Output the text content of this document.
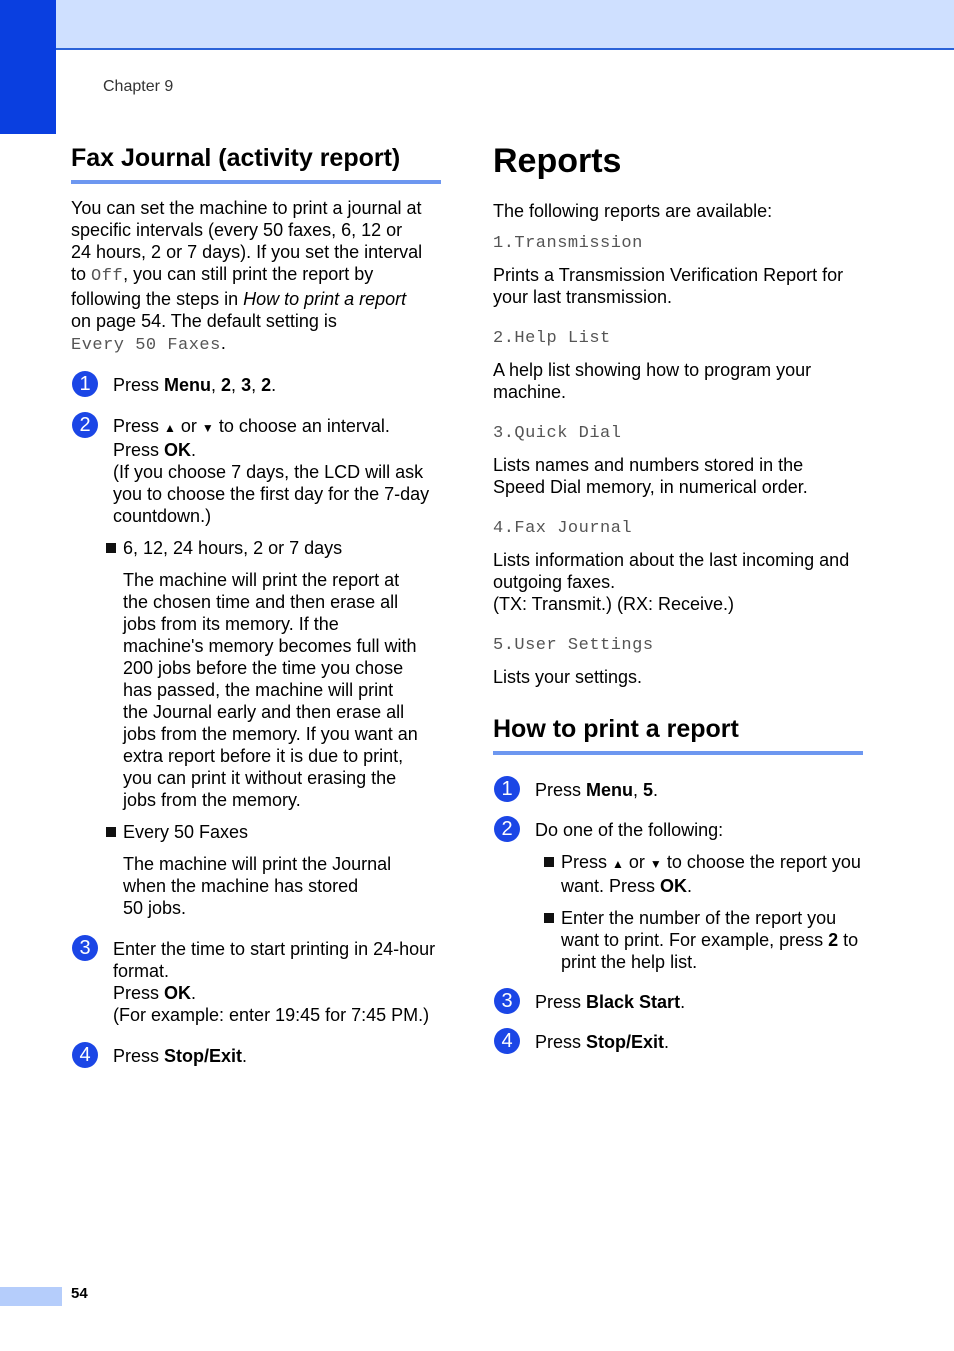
Chapter 9
Fax Journal (activity report)
You can set the machine to print a journal at
specific intervals (every 50 faxes, 6, 12 or
24 hours, 2 or 7 days). If you set the interval
to Off, you can still print the report by
following the steps in How to print a report
on page 54. The default setting is
Every 50 Faxes.
1	Press Menu, 2, 3, 2.

2	Press ▲ or ▼ to choose an interval.

Press OK.

(If you choose 7 days, the LCD will ask

you to choose the first day for the 7-day

countdown.)

6, 12, 24 hours, 2 or 7 days

The machine will print the report at

the chosen time and then erase all

jobs from its memory. If the

machine's memory becomes full with

200 jobs before the time you chose

has passed, the machine will print

the Journal early and then erase all

jobs from the memory. If you want an

extra report before it is due to print,

you can print it without erasing the

jobs from the memory.

Every 50 Faxes

The machine will print the Journal

when the machine has stored

50 jobs.

3	Enter the time to start printing in 24-hour

format.

Press OK.

(For example: enter 19:45 for 7:45 PM.)

4	Press Stop/Exit.

Reports

The following reports are available:

1.Transmission

Prints a Transmission Verification Report for

your last transmission.

2.Help List

A help list showing how to program your

machine.

3.Quick Dial

Lists names and numbers stored in the

Speed Dial memory, in numerical order.

4.Fax Journal

Lists information about the last incoming and

outgoing faxes.

(TX: Transmit.) (RX: Receive.)

5.User Settings

Lists your settings.

How to print a report
1	Press Menu, 5.

2	Do one of the following:

Press ▲ or ▼ to choose the report you

want. Press OK.

Enter the number of the report you

want to print. For example, press 2 to

print the help list.

3	Press Black Start.

4	Press Stop/Exit.

54
